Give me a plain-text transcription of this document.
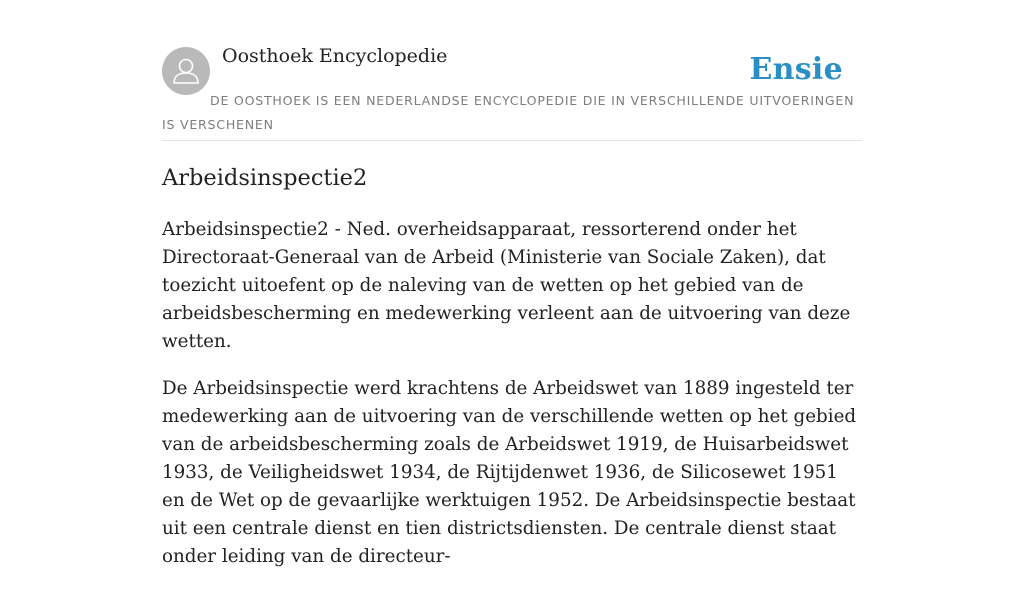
Oosthoek Encyclopedie	Ensie
DE OOSTHOEK IS EEN NEDERLANDSE ENCYCLOPEDIE DIE IN VERSCHILLENDE UITVOERINGEN IS VERSCHENEN
Arbeidsinspectie2

Arbeidsinspectie2 - Ned. overheidsapparaat, ressorterend onder het Directoraat-Generaal van de Arbeid (Ministerie van Sociale Zaken), dat toezicht uitoefent op de naleving van de wetten op het gebied van de arbeidsbescherming en medewerking verleent aan de uitvoering van deze wetten.

De Arbeidsinspectie werd krachtens de Arbeidswet van 1889 ingesteld ter medewerking aan de uitvoering van de verschillende wetten op het gebied van de arbeidsbescherming zoals de Arbeidswet 1919, de Huisarbeidswet 1933, de Veiligheidswet 1934, de Rijtijdenwet 1936, de Silicosewet 1951 en de Wet op de gevaarlijke werktuigen 1952. De Arbeidsinspectie bestaat uit een centrale dienst en tien districtsdiensten. De centrale dienst staat onder leiding van de directeur-
